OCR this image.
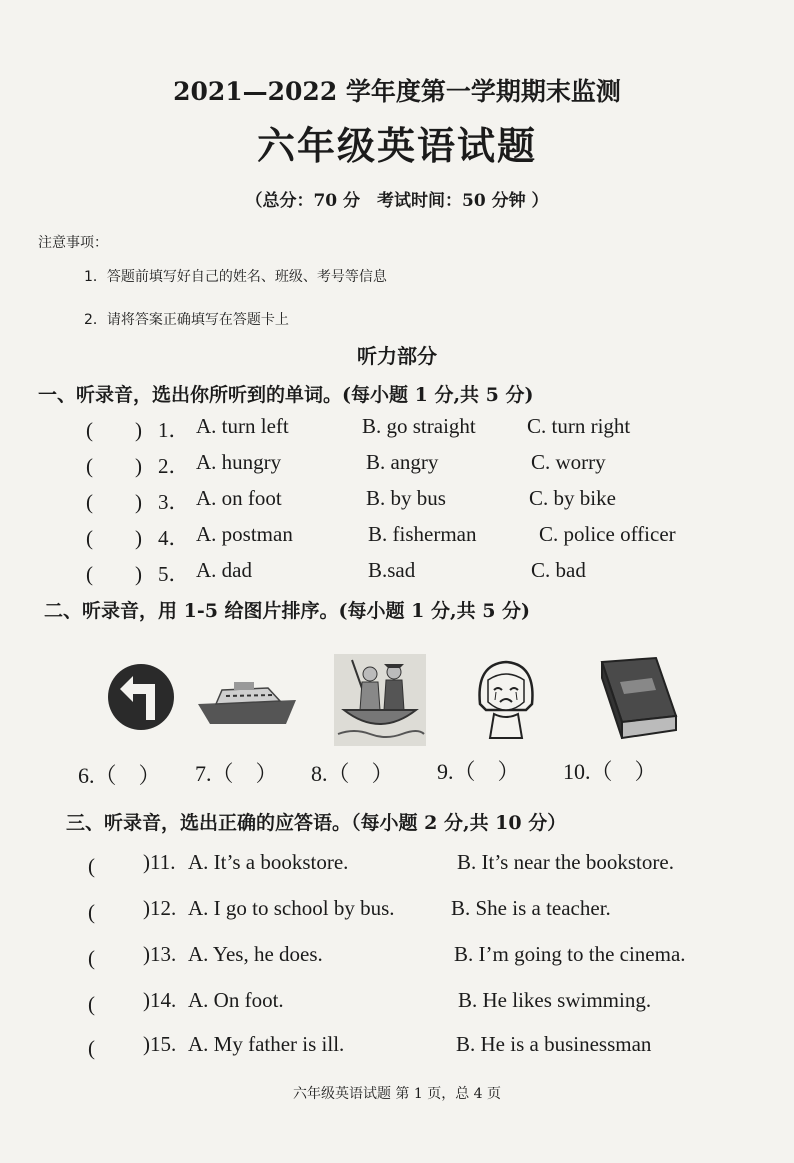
2021—2022 学年度第一学期期末监测
六年级英语试题
（总分：70 分　考试时间：50 分钟 ）
注意事项：
1．答题前填写好自己的姓名、班级、考号等信息
2．请将答案正确填写在答题卡上
听力部分
一、听录音，选出你所听到的单词。(每小题 1 分,共 5 分)
(　　) 1． A. turn left	B. go straight C. turn right
(　　) 2． A. hungry	B. angry	C. worry
(　　) 3． A. on foot	B. by bus	C. by bike
(　　) 4． A. postman	B. fisherman	C. police officer
(　　) 5． A. dad	B.sad	C. bad
二、听录音，用 1-5 给图片排序。(每小题 1 分,共 5 分)
6.（　） 7.（　） 8.（　） 9.（　） 10.（　）
三、听录音，选出正确的应答语。（每小题 2 分,共 10 分）
(　　 )11. A. It’s a bookstore.	B. It’s near the bookstore.
(　　 )12. A. I go to school by bus.	B. She is a teacher.
(　　 )13. A. Yes, he does.	B. I’m going to the cinema.
(　　 )14. A. On foot.	B. He likes swimming.
(　　 )15. A. My father is ill.	B. He is a businessman
六年级英语试题 第 1 页，总 4 页
